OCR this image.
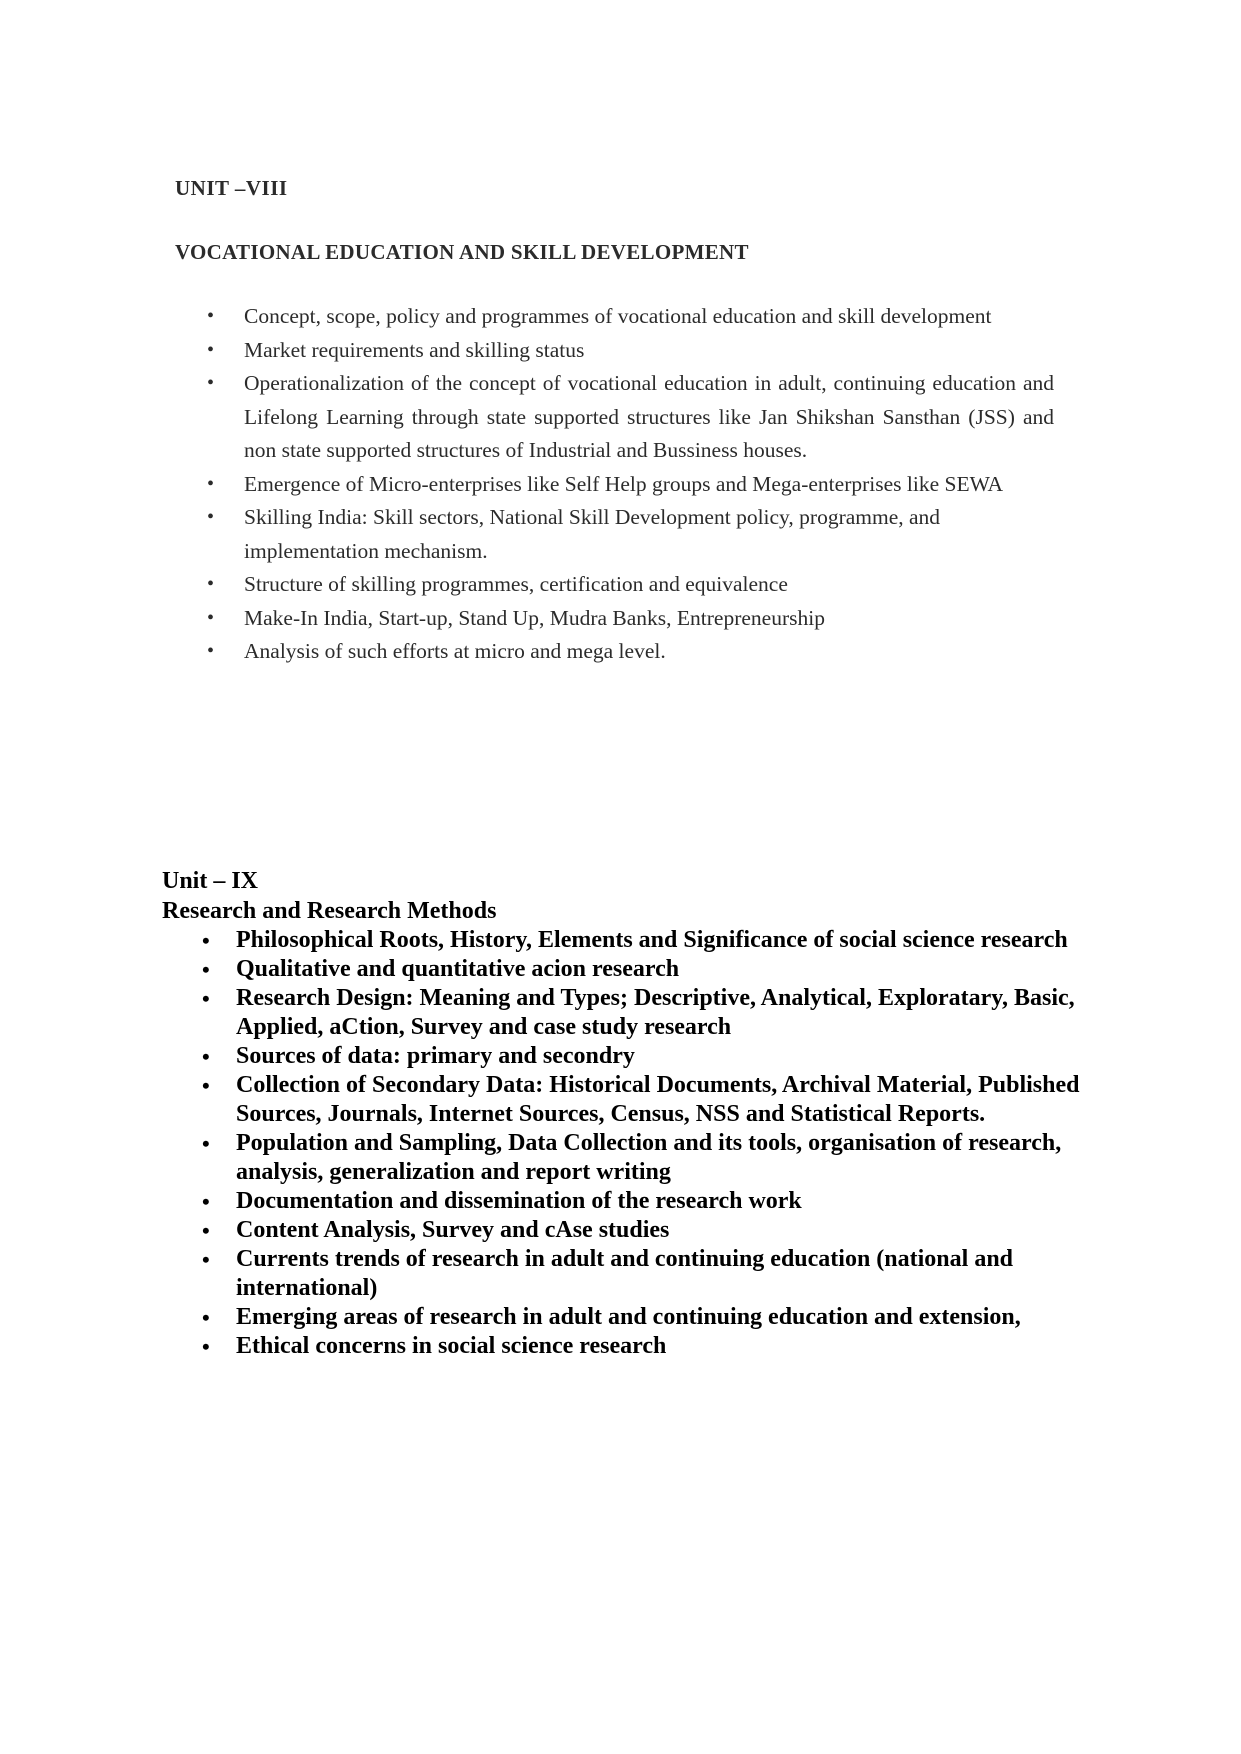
UNIT –VIII
VOCATIONAL EDUCATION AND SKILL DEVELOPMENT
• Concept, scope, policy and programmes of vocational education and skill development
• Market requirements and skilling status
• Operationalization of the concept of vocational education in adult, continuing education and Lifelong Learning through state supported structures like Jan Shikshan Sansthan (JSS) and non state supported structures of Industrial and Bussiness houses.
• Emergence of Micro-enterprises like Self Help groups and Mega-enterprises like SEWA
• Skilling India: Skill sectors, National Skill Development policy, programme, and implementation mechanism.
• Structure of skilling programmes, certification and equivalence
• Make-In India, Start-up, Stand Up, Mudra Banks, Entrepreneurship
• Analysis of such efforts at micro and mega level.
Unit – IX
Research and Research Methods
• Philosophical Roots, History, Elements and Significance of social science research
• Qualitative and quantitative acion research
• Research Design: Meaning and Types; Descriptive, Analytical, Exploratary, Basic, Applied, aCtion, Survey and case study research
• Sources of data: primary and secondry
• Collection of Secondary Data: Historical Documents, Archival Material, Published Sources, Journals, Internet Sources, Census, NSS and Statistical Reports.
• Population and Sampling, Data Collection and its tools, organisation of research, analysis, generalization and report writing
• Documentation and dissemination of the research work
• Content Analysis, Survey and cAse studies
• Currents trends of research in adult and continuing education (national and international)
• Emerging areas of research in adult and continuing education and extension,
• Ethical concerns in social science research
